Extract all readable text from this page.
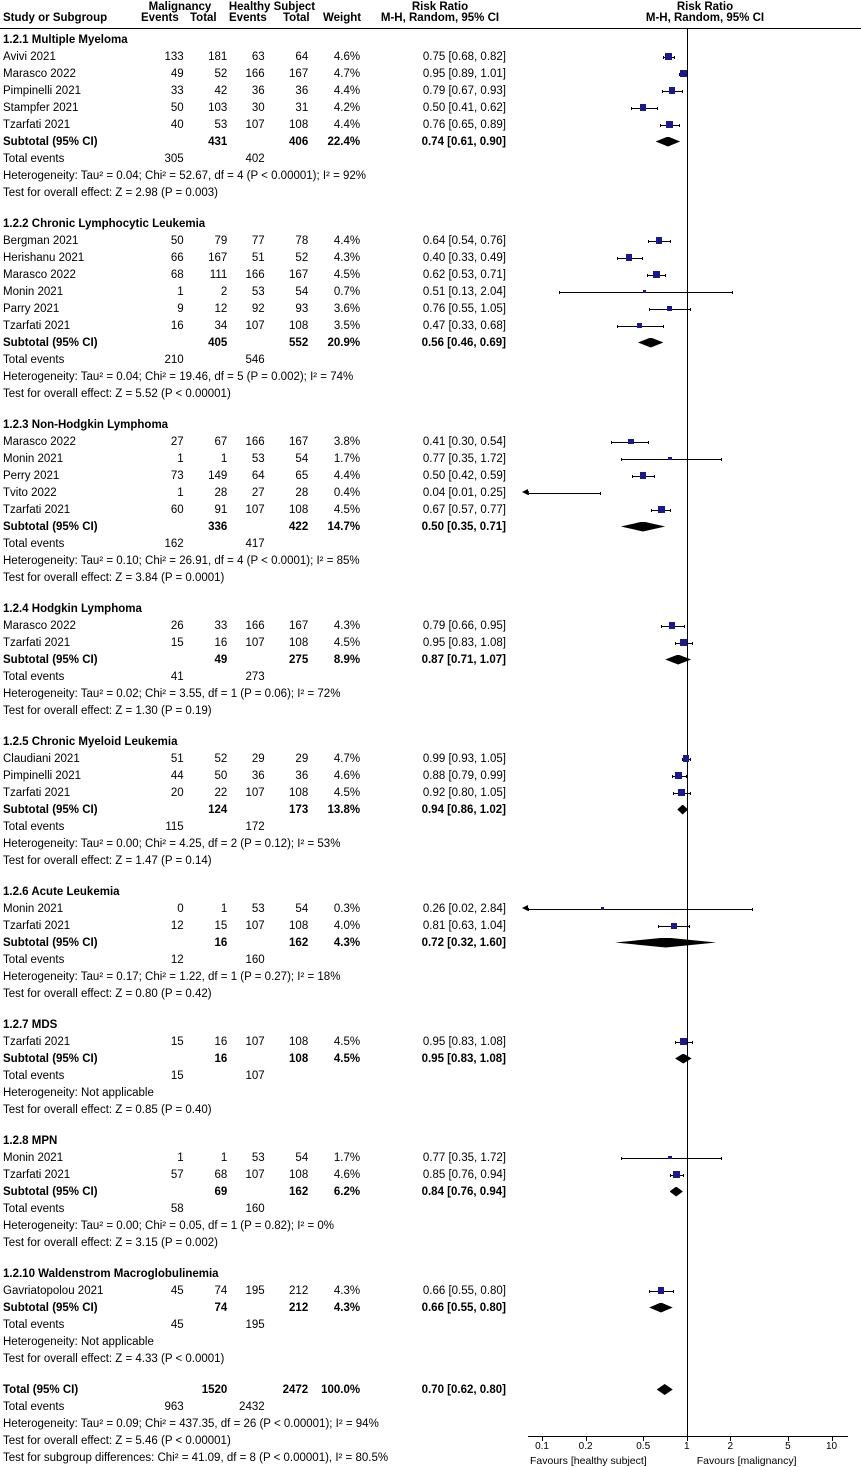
Study or Subgroup
Malignancy	Healthy Subject
Events Total Events Total Weight
Risk Ratio
M-H, Random, 95% CI
Risk Ratio
M-H, Random, 95% CI
1.2.1 Multiple Myeloma
Avivi 2021	133	181	63	64	4.6%	0.75 [0.68, 0.82]
Marasco 2022	49	52	166	167	4.7%	0.95 [0.89, 1.01]
Pimpinelli 2021	33	42	36	36	4.4%	0.79 [0.67, 0.93]
Stampfer 2021	50	103	30	31	4.2%	0.50 [0.41, 0.62]
Tzarfati 2021	40	53	107	108	4.4%	0.76 [0.65, 0.89]
Subtotal (95% CI)		431		406	22.4%	0.74 [0.61, 0.90]
Total events	305		402			
Heterogeneity: Tau² = 0.04; Chi² = 52.67, df = 4 (P < 0.00001); I² = 92%
Test for overall effect: Z = 2.98 (P = 0.003)
1.2.2 Chronic Lymphocytic Leukemia
Bergman 2021	50	79	77	78	4.4%	0.64 [0.54, 0.76]
Herishanu 2021	66	167	51	52	4.3%	0.40 [0.33, 0.49]
Marasco 2022	68	111	166	167	4.5%	0.62 [0.53, 0.71]
Monin 2021	1	2	53	54	0.7%	0.51 [0.13, 2.04]
Parry 2021	9	12	92	93	3.6%	0.76 [0.55, 1.05]
Tzarfati 2021	16	34	107	108	3.5%	0.47 [0.33, 0.68]
Subtotal (95% CI)		405		552	20.9%	0.56 [0.46, 0.69]
Total events	210		546			
Heterogeneity: Tau² = 0.04; Chi² = 19.46, df = 5 (P = 0.002); I² = 74%
Test for overall effect: Z = 5.52 (P < 0.00001)
1.2.3 Non-Hodgkin Lymphoma
Marasco 2022	27	67	166	167	3.8%	0.41 [0.30, 0.54]
Monin 2021	1	1	53	54	1.7%	0.77 [0.35, 1.72]
Perry 2021	73	149	64	65	4.4%	0.50 [0.42, 0.59]
Tvito 2022	1	28	27	28	0.4%	0.04 [0.01, 0.25]
Tzarfati 2021	60	91	107	108	4.5%	0.67 [0.57, 0.77]
Subtotal (95% CI)		336		422	14.7%	0.50 [0.35, 0.71]
Total events	162		417			
Heterogeneity: Tau² = 0.10; Chi² = 26.91, df = 4 (P < 0.0001); I² = 85%
Test for overall effect: Z = 3.84 (P = 0.0001)
1.2.4 Hodgkin Lymphoma
Marasco 2022	26	33	166	167	4.3%	0.79 [0.66, 0.95]
Tzarfati 2021	15	16	107	108	4.5%	0.95 [0.83, 1.08]
Subtotal (95% CI)		49		275	8.9%	0.87 [0.71, 1.07]
Total events	41		273			
Heterogeneity: Tau² = 0.02; Chi² = 3.55, df = 1 (P = 0.06); I² = 72%
Test for overall effect: Z = 1.30 (P = 0.19)
1.2.5 Chronic Myeloid Leukemia
Claudiani 2021	51	52	29	29	4.7%	0.99 [0.93, 1.05]
Pimpinelli 2021	44	50	36	36	4.6%	0.88 [0.79, 0.99]
Tzarfati 2021	20	22	107	108	4.5%	0.92 [0.80, 1.05]
Subtotal (95% CI)		124		173	13.8%	0.94 [0.86, 1.02]
Total events	115		172			
Heterogeneity: Tau² = 0.00; Chi² = 4.25, df = 2 (P = 0.12); I² = 53%
Test for overall effect: Z = 1.47 (P = 0.14)
1.2.6 Acute Leukemia
Monin 2021	0	1	53	54	0.3%	0.26 [0.02, 2.84]
Tzarfati 2021	12	15	107	108	4.0%	0.81 [0.63, 1.04]
Subtotal (95% CI)		16		162	4.3%	0.72 [0.32, 1.60]
Total events	12		160			
Heterogeneity: Tau² = 0.17; Chi² = 1.22, df = 1 (P = 0.27); I² = 18%
Test for overall effect: Z = 0.80 (P = 0.42)
1.2.7 MDS
Tzarfati 2021	15	16	107	108	4.5%	0.95 [0.83, 1.08]
Subtotal (95% CI)		16		108	4.5%	0.95 [0.83, 1.08]
Total events	15		107			
Heterogeneity: Not applicable
Test for overall effect: Z = 0.85 (P = 0.40)
1.2.8 MPN
Monin 2021	1	1	53	54	1.7%	0.77 [0.35, 1.72]
Tzarfati 2021	57	68	107	108	4.6%	0.85 [0.76, 0.94]
Subtotal (95% CI)		69		162	6.2%	0.84 [0.76, 0.94]
Total events	58		160			
Heterogeneity: Tau² = 0.00; Chi² = 0.05, df = 1 (P = 0.82); I² = 0%
Test for overall effect: Z = 3.15 (P = 0.002)
1.2.10 Waldenstrom Macroglobulinemia
Gavriatopolou 2021	45	74	195	212	4.3%	0.66 [0.55, 0.80]
Subtotal (95% CI)		74		212	4.3%	0.66 [0.55, 0.80]
Total events	45		195			
Heterogeneity: Not applicable
Test for overall effect: Z = 4.33 (P < 0.0001)
Total (95% CI)		1520		2472	100.0%	0.70 [0.62, 0.80]
Total events	963		2432			
Heterogeneity: Tau² = 0.09; Chi² = 437.35, df = 26 (P < 0.00001); I² = 94%
Test for overall effect: Z = 5.46 (P < 0.00001)
Test for subgroup differences: Chi² = 41.09, df = 8 (P < 0.00001), I² = 80.5%
0.1	0.2	0.5	1	2	5	10
Favours [healthy subject]	Favours [malignancy]
